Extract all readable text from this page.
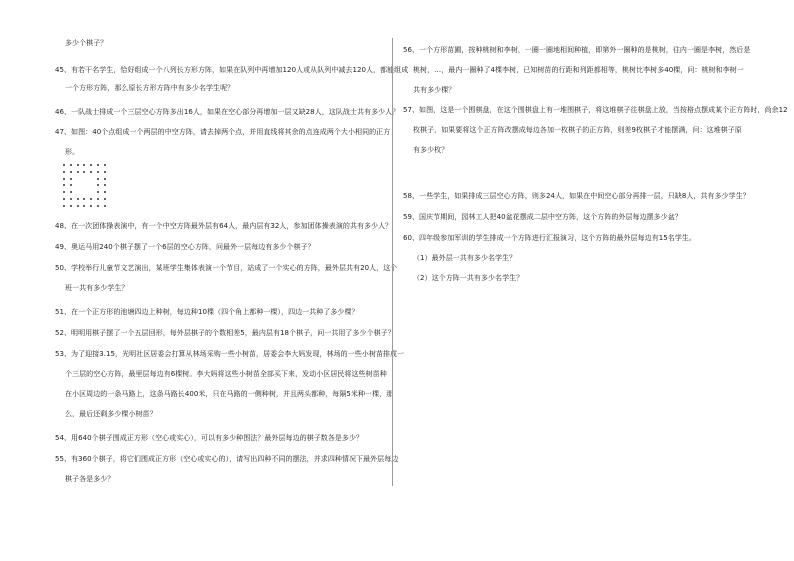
多少个棋子？
45、有若干名学生，恰好组成一个八列长方形方阵，如果在队列中再增加120人或从队列中减去120人，都能组成
一个方形方阵，那么原长方形方阵中有多少名学生呢？
46、一队战士排成一个三层空心方阵多出16人，如果在空心部分再增加一层又缺28人，这队战士共有多少人？
47、如图：40个点组成一个两层的中空方阵，请去掉两个点，并用直线将其余的点连成两个大小相同的正方
形。
48、在一次团体操表演中，有一个中空方阵最外层有64人，最内层有32人，参加团体操表演的共有多少人？
49、奥运马用240个棋子摆了一个6层的空心方阵，问最外一层每边有多少个棋子？
50、学校举行儿童节文艺演出，某班学生集体表演一个节目，站成了一个实心的方阵，最外层共有20人，这个
班一共有多少学生？
51、在一个正方形的池塘四边上种树，每边种10棵（四个角上都种一棵），四边一共种了多少棵？
52、明明用棋子摆了一个五层回形，每外层棋子的个数相差5，最内层有18个棋子，问一共用了多少个棋子？
53、为了迎接3.15，光明社区居委会打算从林场采购一些小树苗，居委会李大妈发现，林场的一些小树苗排成一
个三层的空心方阵，最里层每边有6棵树。李大妈将这些小树苗全部买下来，发动小区居民将这些树苗种
在小区周边的一条马路上，这条马路长400米，只在马路的一侧种树，并且两头都种，每隔5米种一棵，那
么，最后还剩多少棵小树苗？
54、用640个棋子围成正方形（空心或实心），可以有多少种围法？最外层每边的棋子数各是多少？
55、有360个棋子，将它们围成正方形（空心或实心的），请写出四种不同的摆法，并求四种情况下最外层每边
棋子各是多少？
56、一个方形苗圃，按种桃树和李树，一圈一圈地相间种植，即第外一圈种的是桃树，往内一圈是李树，然后是
桃树，…，最内一圈种了4棵李树，已知树苗的行距和列距都相等，桃树比李树多40棵，问：桃树和李树一
共有多少棵？
57、如图，这是一个围棋盘，在这个围棋盘上有一堆围棋子，将这堆棋子往棋盘上放，当按格点摆成某个正方阵时，尚余12
枚棋子，如果要将这个正方阵改摆成每边各加一枚棋子的正方阵，则差9枚棋子才能摆满，问：这堆棋子原
有多少枚？
58、一些学生，如果排成三层空心方阵，则多24人，如果在中间空心部分再排一层，只缺8人，共有多少学生？
59、国庆节期间，园林工人把40盆花摆成二层中空方阵，这个方阵的外层每边摆多少盆？
60、四年级参加军训的学生排成一个方阵进行汇报演习，这个方阵的最外层每边有15名学生。
（1）最外层一共有多少名学生？
（2）这个方阵一共有多少名学生？
